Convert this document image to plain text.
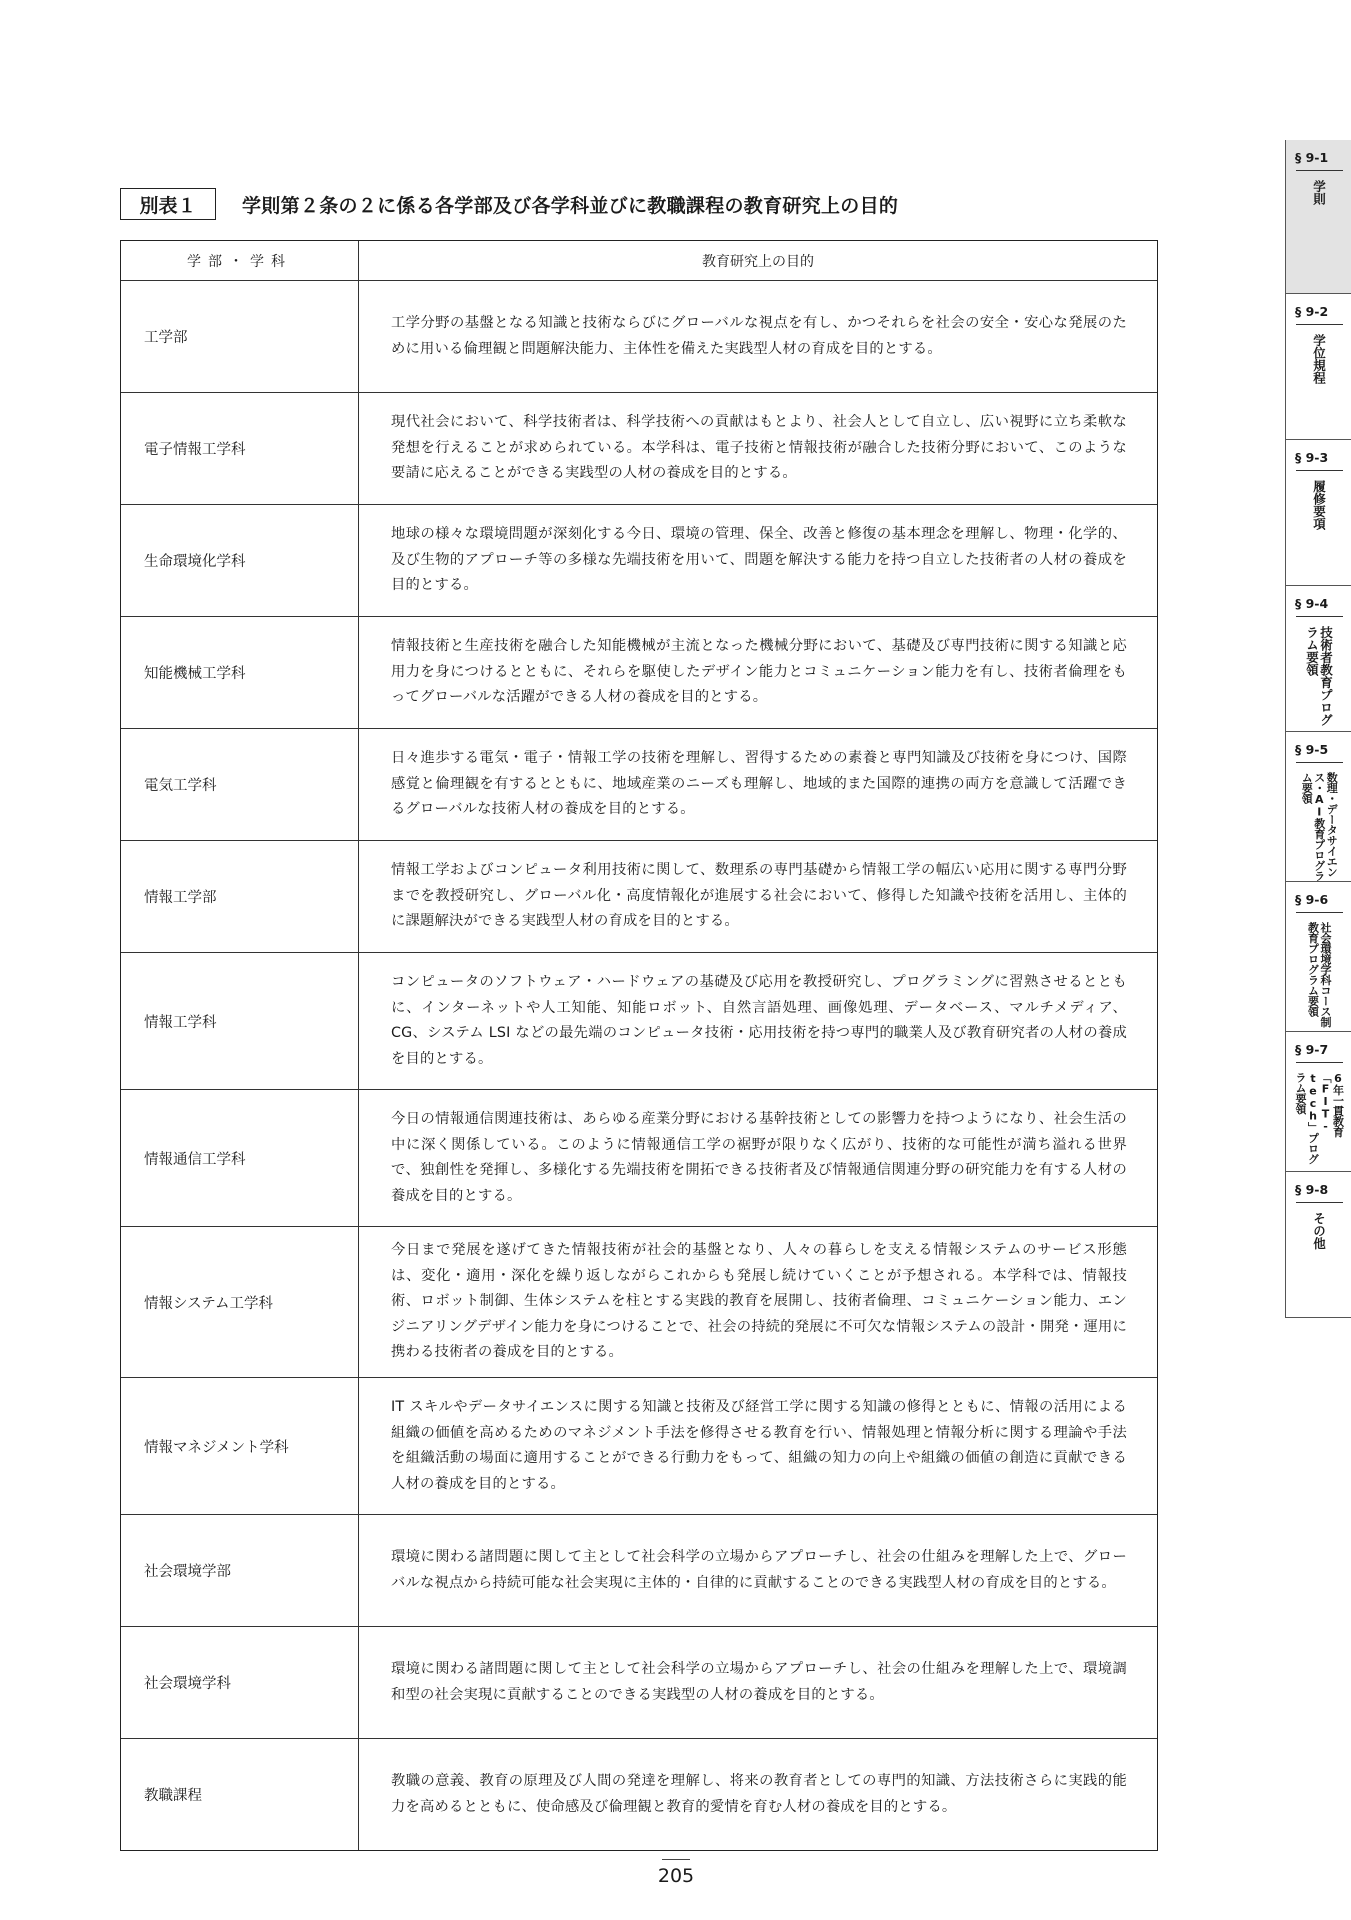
別表１	学則第２条の２に係る各学部及び各学科並びに教職課程の教育研究上の目的
学部・学科	教育研究上の目的
工学部
工学分野の基盤となる知識と技術ならびにグローバルな視点を有し、かつそれらを社会の安全・安心な発展のために用いる倫理観と問題解決能力、主体性を備えた実践型人材の育成を目的とする。
電子情報工学科
現代社会において、科学技術者は、科学技術への貢献はもとより、社会人として自立し、広い視野に立ち柔軟な発想を行えることが求められている。本学科は、電子技術と情報技術が融合した技術分野において、このような要請に応えることができる実践型の人材の養成を目的とする。
生命環境化学科
地球の様々な環境問題が深刻化する今日、環境の管理、保全、改善と修復の基本理念を理解し、物理・化学的、及び生物的アプローチ等の多様な先端技術を用いて、問題を解決する能力を持つ自立した技術者の人材の養成を目的とする。
知能機械工学科
情報技術と生産技術を融合した知能機械が主流となった機械分野において、基礎及び専門技術に関する知識と応用力を身につけるとともに、それらを駆使したデザイン能力とコミュニケーション能力を有し、技術者倫理をもってグローバルな活躍ができる人材の養成を目的とする。
電気工学科
日々進歩する電気・電子・情報工学の技術を理解し、習得するための素養と専門知識及び技術を身につけ、国際感覚と倫理観を有するとともに、地域産業のニーズも理解し、地域的また国際的連携の両方を意識して活躍できるグローバルな技術人材の養成を目的とする。
情報工学部
情報工学およびコンピュータ利用技術に関して、数理系の専門基礎から情報工学の幅広い応用に関する専門分野までを教授研究し、グローバル化・高度情報化が進展する社会において、修得した知識や技術を活用し、主体的に課題解決ができる実践型人材の育成を目的とする。
情報工学科
コンピュータのソフトウェア・ハードウェアの基礎及び応用を教授研究し、プログラミングに習熟させるとともに、インターネットや人工知能、知能ロボット、自然言語処理、画像処理、データベース、マルチメディア、CG、システム LSI などの最先端のコンピュータ技術・応用技術を持つ専門的職業人及び教育研究者の人材の養成を目的とする。
情報通信工学科
今日の情報通信関連技術は、あらゆる産業分野における基幹技術としての影響力を持つようになり、社会生活の中に深く関係している。このように情報通信工学の裾野が限りなく広がり、技術的な可能性が満ち溢れる世界で、独創性を発揮し、多様化する先端技術を開拓できる技術者及び情報通信関連分野の研究能力を有する人材の養成を目的とする。
情報システム工学科
今日まで発展を遂げてきた情報技術が社会的基盤となり、人々の暮らしを支える情報システムのサービス形態は、変化・適用・深化を繰り返しながらこれからも発展し続けていくことが予想される。本学科では、情報技術、ロボット制御、生体システムを柱とする実践的教育を展開し、技術者倫理、コミュニケーション能力、エンジニアリングデザイン能力を身につけることで、社会の持続的発展に不可欠な情報システムの設計・開発・運用に携わる技術者の養成を目的とする。
情報マネジメント学科
IT スキルやデータサイエンスに関する知識と技術及び経営工学に関する知識の修得とともに、情報の活用による組織の価値を高めるためのマネジメント手法を修得させる教育を行い、情報処理と情報分析に関する理論や手法を組織活動の場面に適用することができる行動力をもって、組織の知力の向上や組織の価値の創造に貢献できる人材の養成を目的とする。
社会環境学部
環境に関わる諸問題に関して主として社会科学の立場からアプローチし、社会の仕組みを理解した上で、グローバルな視点から持続可能な社会実現に主体的・自律的に貢献することのできる実践型人材の育成を目的とする。
社会環境学科
環境に関わる諸問題に関して主として社会科学の立場からアプローチし、社会の仕組みを理解した上で、環境調和型の社会実現に貢献することのできる実践型の人材の養成を目的とする。
教職課程
教職の意義、教育の原理及び人間の発達を理解し、将来の教育者としての専門的知識、方法技術さらに実践的能力を高めるとともに、使命感及び倫理観と教育的愛情を育む人材の養成を目的とする。
205
§ 9-1
学則
§ 9-2
学位規程
§ 9-3
履修要項
§ 9-4
技術者教育プログラム要領
§ 9-5
数理・データサイエンス・AI教育プログラム要領
§ 9-6
社会環境学科コース制教育プログラム要領
§ 9-7
6年一貫教育「FIT-tech」プログラム要領
§ 9-8
その他
